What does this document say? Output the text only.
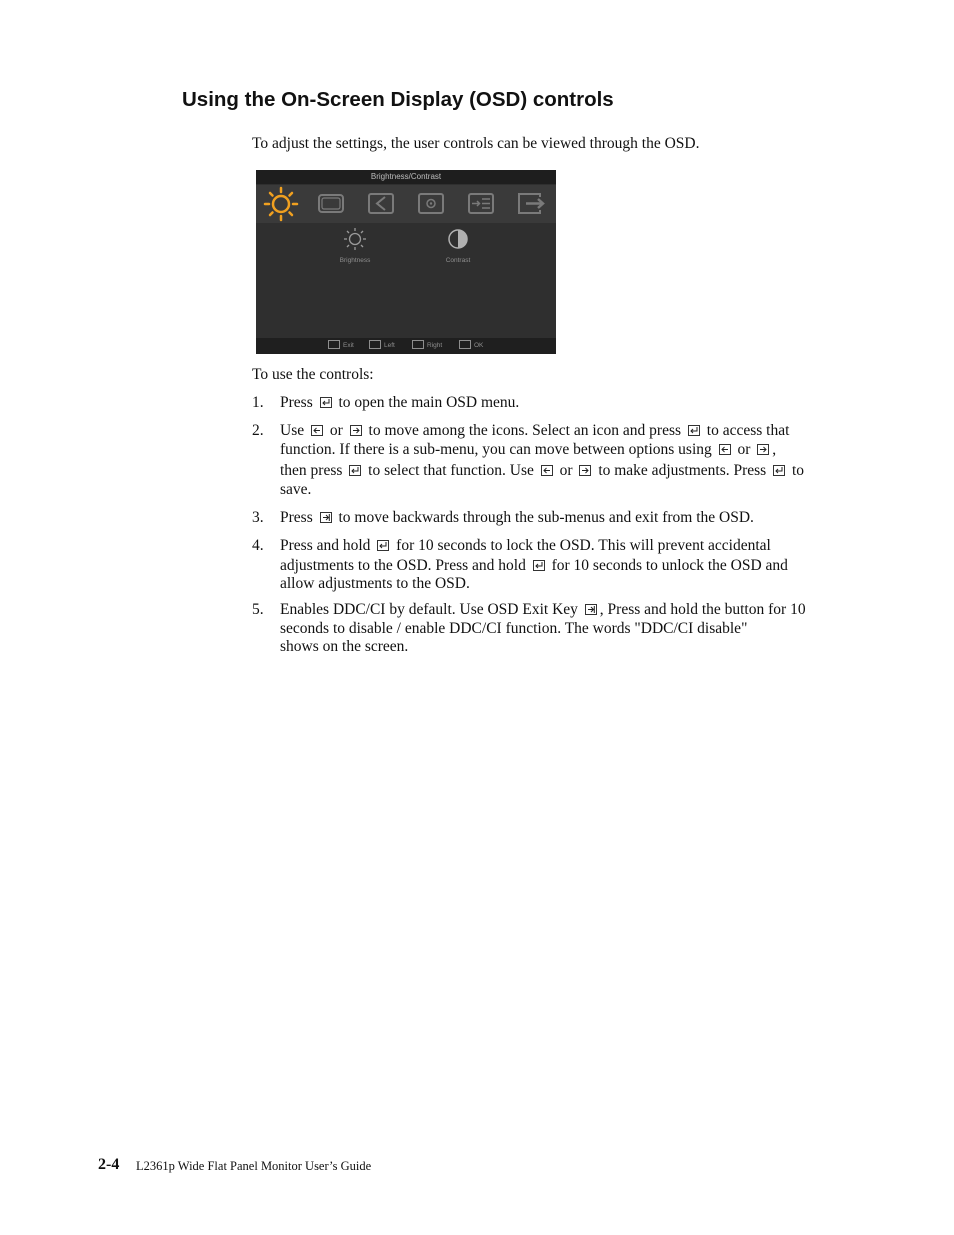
Using the On-Screen Display (OSD) controls
To adjust the settings, the user controls can be viewed through the OSD.
Brightness/Contrast
Brightness	Contrast
Exit	Left	Right	OK
To use the controls:
1. Press
to open the main OSD menu.
2. Use
or
to move among the icons. Select an icon and press
to access that
function. If there is a sub-menu, you can move between options using
or
,
then press
to select that function. Use
or
to make adjustments. Press
to
save.
3. Press
to move backwards through the sub-menus and exit from the OSD.
4. Press and hold
for 10 seconds to lock the OSD. This will prevent accidental
adjustments to the OSD. Press and hold
for 10 seconds to unlock the OSD and
allow adjustments to the OSD.
5. Enables DDC/CI by default. Use OSD Exit Key
, Press and hold the button for 10
seconds to disable / enable DDC/CI function. The words "DDC/CI disable"
shows on the screen.
2-4 L2361p Wide Flat Panel Monitor User’s Guide
